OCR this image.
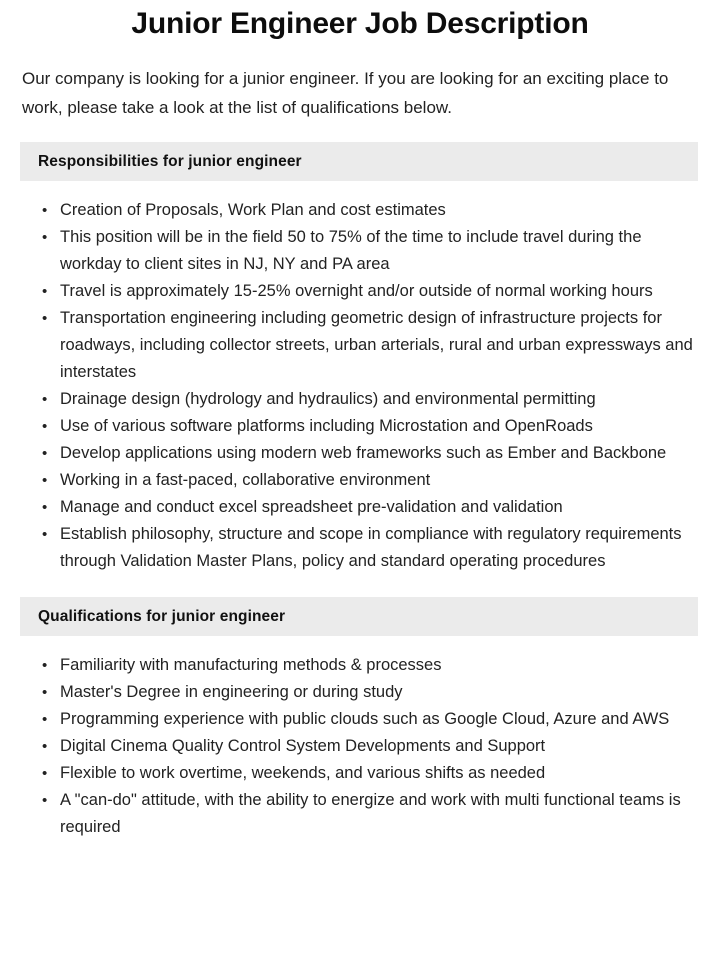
Junior Engineer Job Description

Our company is looking for a junior engineer. If you are looking for an exciting place to work, please take a look at the list of qualifications below.

Responsibilities for junior engineer
• Creation of Proposals, Work Plan and cost estimates
• This position will be in the field 50 to 75% of the time to include travel during the workday to client sites in NJ, NY and PA area
• Travel is approximately 15-25% overnight and/or outside of normal working hours
• Transportation engineering including geometric design of infrastructure projects for roadways, including collector streets, urban arterials, rural and urban expressways and interstates
• Drainage design (hydrology and hydraulics) and environmental permitting
• Use of various software platforms including Microstation and OpenRoads
• Develop applications using modern web frameworks such as Ember and Backbone
• Working in a fast-paced, collaborative environment
• Manage and conduct excel spreadsheet pre-validation and validation
• Establish philosophy, structure and scope in compliance with regulatory requirements through Validation Master Plans, policy and standard operating procedures
Qualifications for junior engineer
• Familiarity with manufacturing methods & processes
• Master's Degree in engineering or during study
• Programming experience with public clouds such as Google Cloud, Azure and AWS
• Digital Cinema Quality Control System Developments and Support
• Flexible to work overtime, weekends, and various shifts as needed
• A "can-do" attitude, with the ability to energize and work with multi functional teams is required
